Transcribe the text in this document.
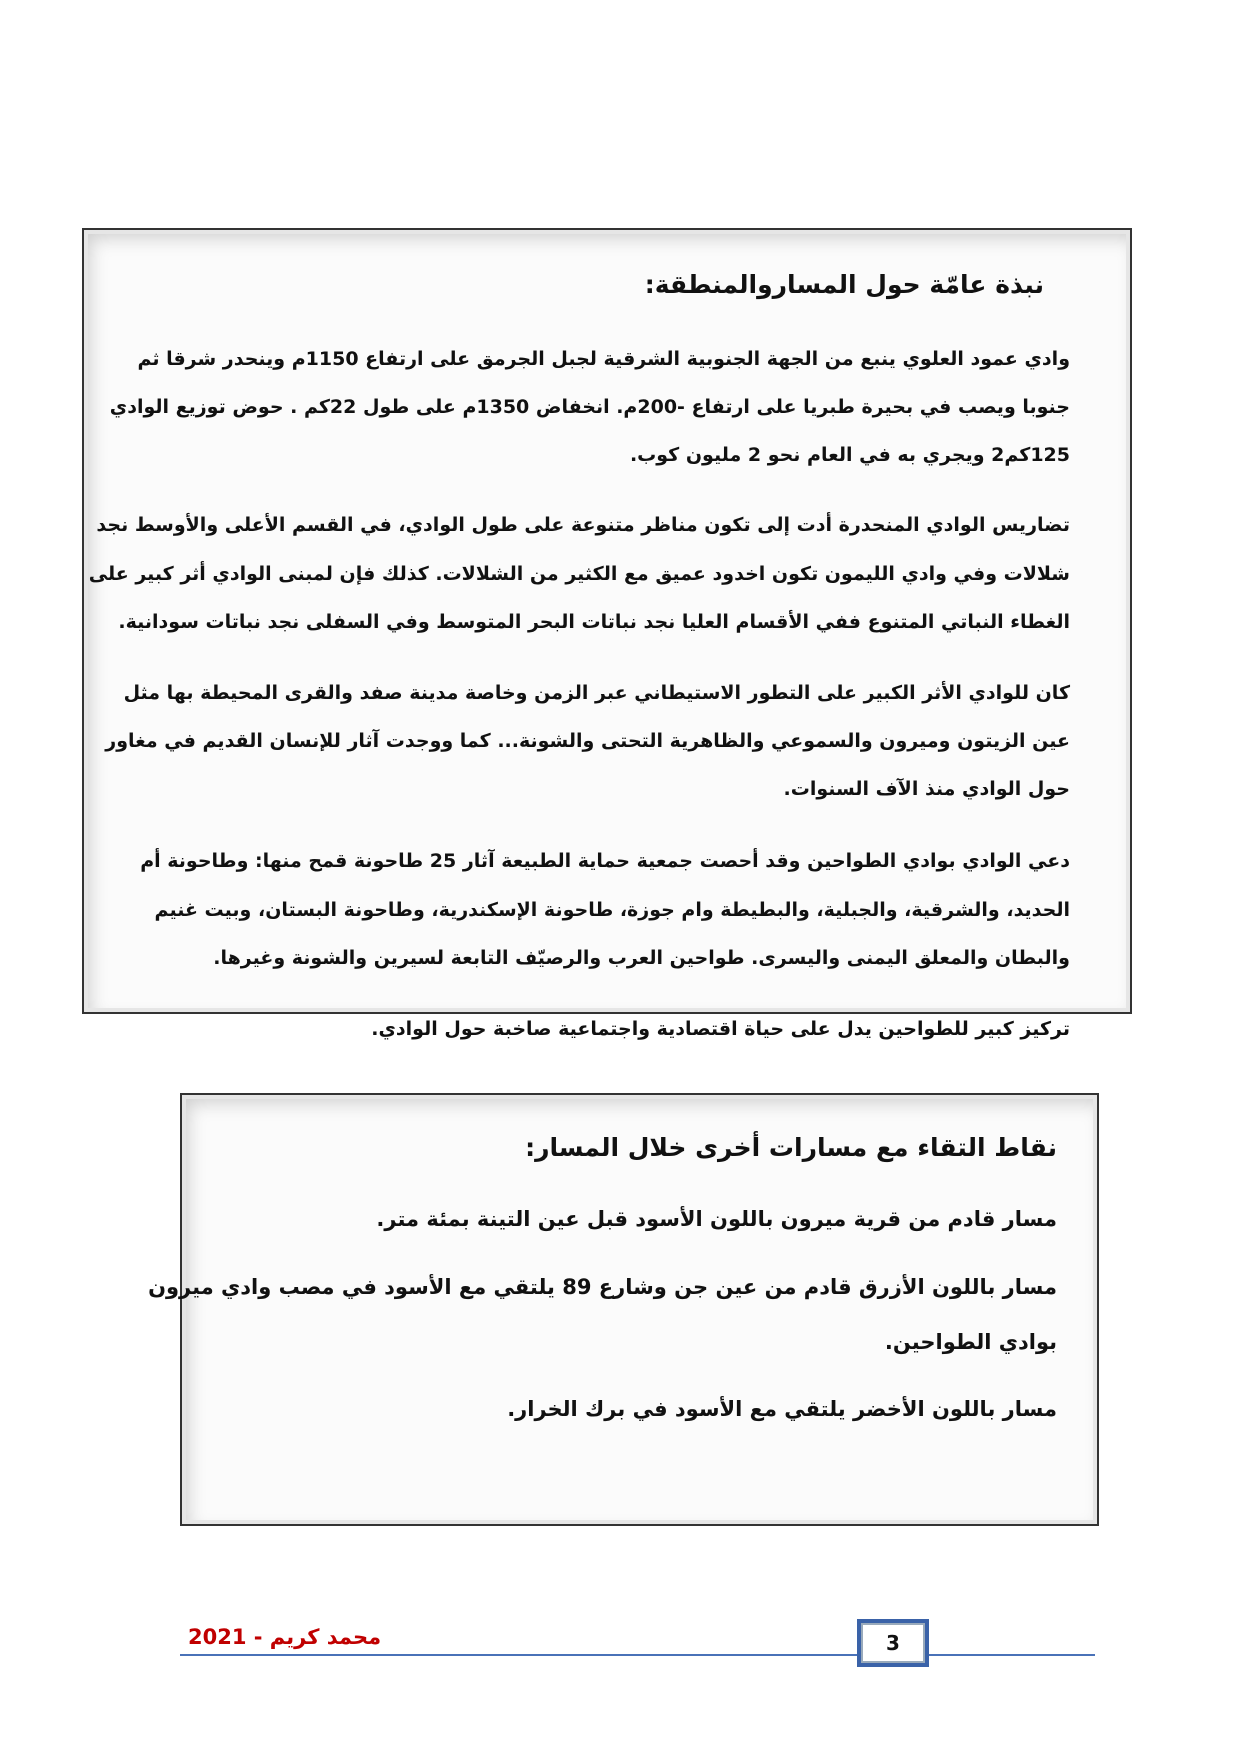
نبذة عامّة حول المساروالمنطقة:
وادي عمود العلوي ينبع من الجهة الجنوبية الشرقية لجبل الجرمق على ارتفاع 1150م وينحدر شرقا ثم
جنوبا ويصب في بحيرة طبريا على ارتفاع -200م. انخفاض 1350م على طول 22كم . حوض توزيع الوادي
125كم2 ويجري به في العام نحو 2 مليون كوب.
تضاريس الوادي المنحدرة أدت إلى تكون مناظر متنوعة على طول الوادي، في القسم الأعلى والأوسط نجد
شلالات وفي وادي الليمون تكون اخدود عميق مع الكثير من الشلالات. كذلك فإن لمبنى الوادي أثر كبير على
الغطاء النباتي المتنوع ففي الأقسام العليا نجد نباتات البحر المتوسط وفي السفلى نجد نباتات سودانية.
كان للوادي الأثر الكبير على التطور الاستيطاني عبر الزمن وخاصة مدينة صفد والقرى المحيطة بها مثل
عين الزيتون وميرون والسموعي والظاهرية التحتى والشونة... كما ووجدت آثار للإنسان القديم في مغاور
حول الوادي منذ الآف السنوات.
دعي الوادي بوادي الطواحين وقد أحصت جمعية حماية الطبيعة آثار 25 طاحونة قمح منها: وطاحونة أم
الحديد، والشرقية، والجبلية، والبطيطة وام جوزة، طاحونة الإسكندرية، وطاحونة البستان، وبيت غنيم
والبطان والمعلق اليمنى واليسرى. طواحين العرب والرصيّف التابعة لسيرين والشونة وغيرها.
تركيز كبير للطواحين يدل على حياة اقتصادية واجتماعية صاخبة حول الوادي.
نقاط التقاء مع مسارات أخرى خلال المسار:
مسار قادم من قرية ميرون باللون الأسود قبل عين التينة بمئة متر.
مسار باللون الأزرق قادم من عين جن وشارع 89 يلتقي مع الأسود في مصب وادي ميرون
بوادي الطواحين.
مسار باللون الأخضر يلتقي مع الأسود في برك الخرار.
محمد كريم - 2021	3
